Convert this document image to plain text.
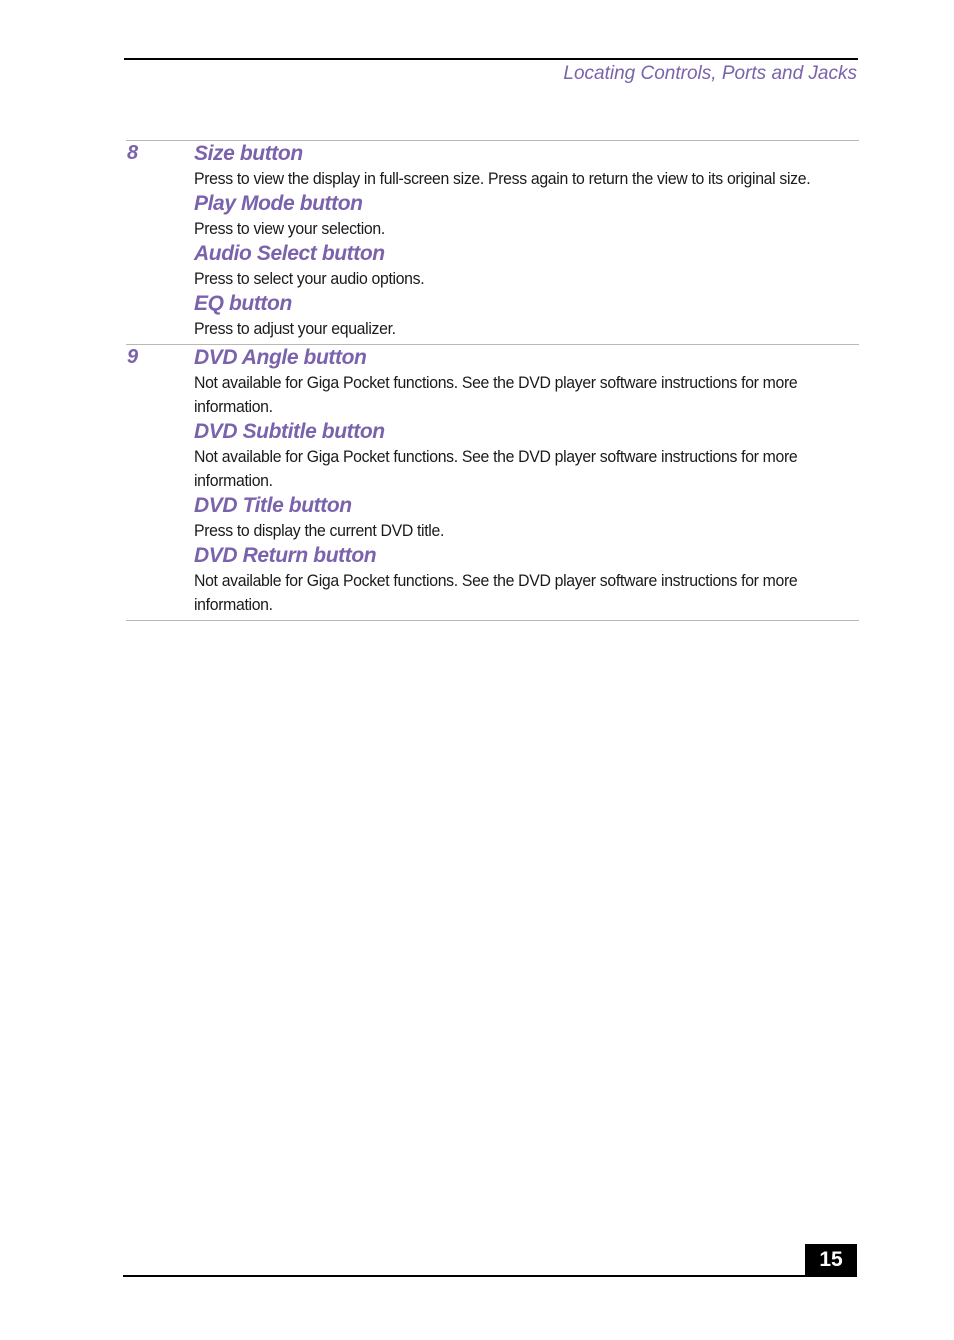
Locating Controls, Ports and Jacks
8	Size button
Press to view the display in full-screen size. Press again to return the view to its original size.
Play Mode button
Press to view your selection.
Audio Select button
Press to select your audio options.
EQ button
Press to adjust your equalizer.
9	DVD Angle button
Not available for Giga Pocket functions. See the DVD player software instructions for more information.
DVD Subtitle button
Not available for Giga Pocket functions. See the DVD player software instructions for more information.
DVD Title button
Press to display the current DVD title.
DVD Return button
Not available for Giga Pocket functions. See the DVD player software instructions for more information.
15
